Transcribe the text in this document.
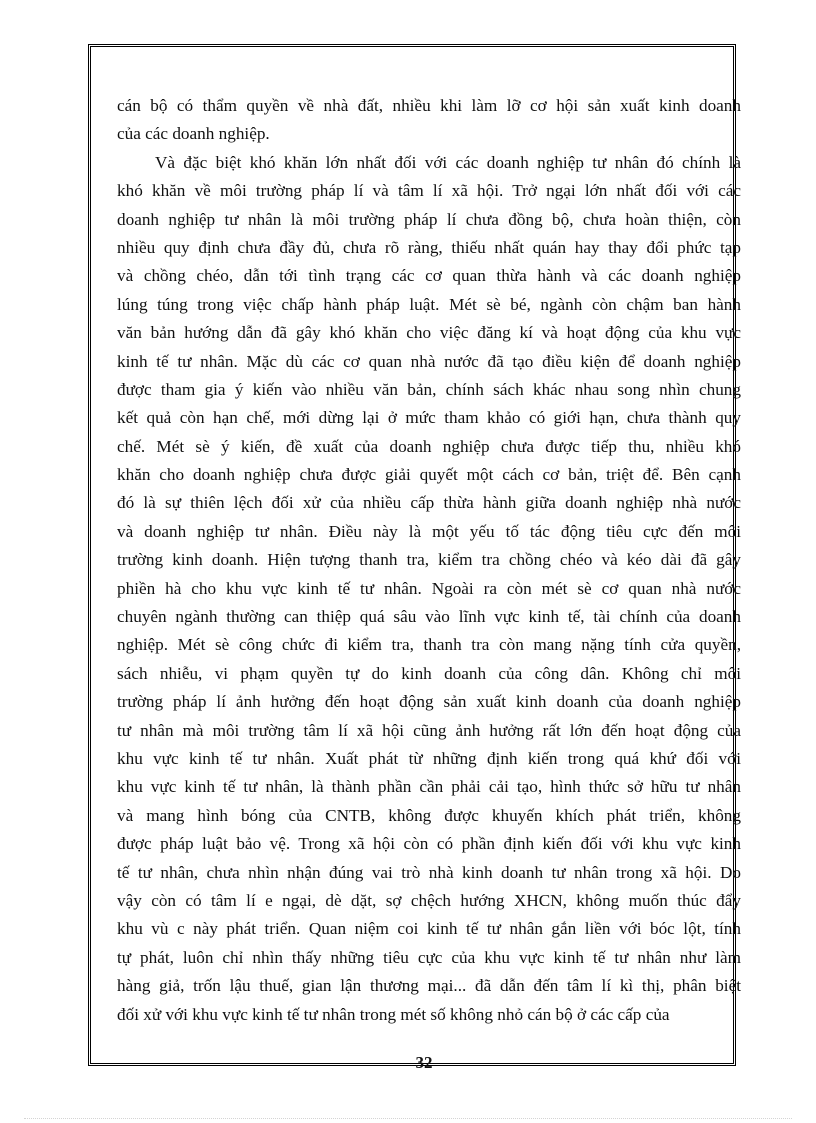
cán bộ có thẩm quyền về nhà đất, nhiều khi làm lỡ cơ hội sản xuất kinh doanh
của các doanh nghiệp.
Và đặc biệt khó khăn lớn nhất đối với các doanh nghiệp tư nhân đó chính là
khó khăn về môi trường pháp lí và tâm lí xã hội. Trở ngại lớn nhất đối với các
doanh nghiệp tư nhân là môi trường pháp lí chưa đồng bộ, chưa hoàn thiện, còn
nhiều quy định chưa đầy đủ, chưa rõ ràng, thiếu nhất quán hay thay đổi phức tạp
và chồng chéo, dẫn tới tình trạng các cơ quan thừa hành và các doanh nghiệp
lúng túng trong việc chấp hành pháp luật. Mét sè bé, ngành còn chậm ban hành
văn bản hướng dẫn đã gây khó khăn cho việc đăng kí và hoạt động của khu vực
kinh tế tư nhân. Mặc dù các cơ quan nhà nước đã tạo điều kiện để doanh nghiệp
được tham gia ý kiến vào nhiều văn bản, chính sách khác nhau song nhìn chung
kết quả còn hạn chế, mới dừng lại ở mức tham khảo có giới hạn, chưa thành quy
chế. Mét sè ý kiến, đề xuất của doanh nghiệp chưa được tiếp thu, nhiều khó
khăn cho doanh nghiệp chưa được giải quyết một cách cơ bản, triệt để. Bên cạnh
đó là sự thiên lệch đối xử của nhiều cấp thừa hành giữa doanh nghiệp nhà nước
và doanh nghiệp tư nhân. Điều này là một yếu tố tác động tiêu cực đến môi
trường kinh doanh. Hiện tượng thanh tra, kiểm tra chồng chéo và kéo dài đã gây
phiền hà cho khu vực kinh tế tư nhân. Ngoài ra còn mét sè cơ quan nhà nước
chuyên ngành thường can thiệp quá sâu vào lĩnh vực kinh tế, tài chính của doanh
nghiệp. Mét sè công chức đi kiểm tra, thanh tra còn mang nặng tính cửa quyền,
sách nhiễu, vi phạm quyền tự do kinh doanh của công dân. Không chỉ môi
trường pháp lí ảnh hưởng đến hoạt động sản xuất kinh doanh của doanh nghiệp
tư nhân mà môi trường tâm lí xã hội cũng ảnh hưởng rất lớn đến hoạt động của
khu vực kinh tế tư nhân. Xuất phát từ những định kiến trong quá khứ đối với
khu vực kinh tế tư nhân, là thành phần cần phải cải tạo, hình thức sở hữu tư nhân
và mang hình bóng của CNTB, không được khuyến khích phát triển, không
được pháp luật bảo vệ. Trong xã hội còn có phần định kiến đối với khu vực kinh
tế tư nhân, chưa nhìn nhận đúng vai trò nhà kinh doanh tư nhân trong xã hội. Do
vậy còn có tâm lí e ngại, dè dặt, sợ chệch hướng XHCN, không muốn thúc đẩy
khu vù c này phát triển. Quan niệm coi kinh tế tư nhân gắn liền với bóc lột, tính
tự phát, luôn chỉ nhìn thấy những tiêu cực của khu vực kinh tế tư nhân như làm
hàng giả, trốn lậu thuế, gian lận thương mại... đã dẫn đến tâm lí kì thị, phân biệt
đối xử với khu vực kinh tế tư nhân trong mét số không nhỏ cán bộ ở các cấp của
32
